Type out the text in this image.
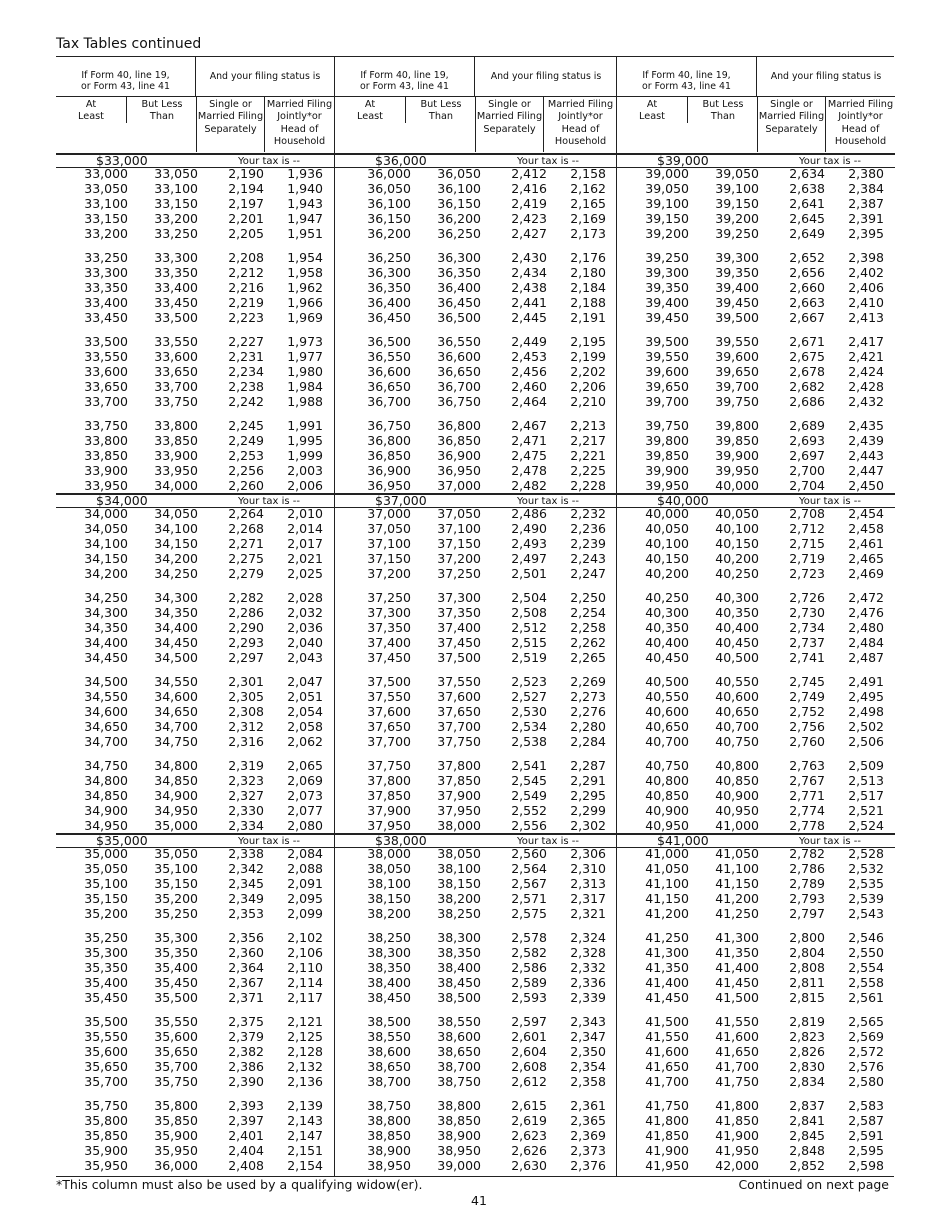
Tax Tables continued
If Form 40, line 19,
or Form 43, line 41
And your filing status is
At
Least
But Less
Than
Single or
Married Filing
Separately
Married Filing
Jointly*or
Head of
Household
$33,000	Your tax is --
33,000 33,050 2,190 1,936
33,050 33,100 2,194 1,940
33,100 33,150 2,197 1,943
33,150 33,200 2,201 1,947
33,200 33,250 2,205 1,951
33,250 33,300 2,208 1,954
33,300 33,350 2,212 1,958
33,350 33,400 2,216 1,962
33,400 33,450 2,219 1,966
33,450 33,500 2,223 1,969
33,500 33,550 2,227 1,973
33,550 33,600 2,231 1,977
33,600 33,650 2,234 1,980
33,650 33,700 2,238 1,984
33,700 33,750 2,242 1,988
33,750 33,800 2,245 1,991
33,800 33,850 2,249 1,995
33,850 33,900 2,253 1,999
33,900 33,950 2,256 2,003
33,950 34,000 2,260 2,006
$34,000	Your tax is --
34,000 34,050 2,264 2,010
34,050 34,100 2,268 2,014
34,100 34,150 2,271 2,017
34,150 34,200 2,275 2,021
34,200 34,250 2,279 2,025
34,250 34,300 2,282 2,028
34,300 34,350 2,286 2,032
34,350 34,400 2,290 2,036
34,400 34,450 2,293 2,040
34,450 34,500 2,297 2,043
34,500 34,550 2,301 2,047
34,550 34,600 2,305 2,051
34,600 34,650 2,308 2,054
34,650 34,700 2,312 2,058
34,700 34,750 2,316 2,062
34,750 34,800 2,319 2,065
34,800 34,850 2,323 2,069
34,850 34,900 2,327 2,073
34,900 34,950 2,330 2,077
34,950 35,000 2,334 2,080
$35,000	Your tax is --
35,000 35,050 2,338 2,084
35,050 35,100 2,342 2,088
35,100 35,150 2,345 2,091
35,150 35,200 2,349 2,095
35,200 35,250 2,353 2,099
35,250 35,300 2,356 2,102
35,300 35,350 2,360 2,106
35,350 35,400 2,364 2,110
35,400 35,450 2,367 2,114
35,450 35,500 2,371 2,117
35,500 35,550 2,375 2,121
35,550 35,600 2,379 2,125
35,600 35,650 2,382 2,128
35,650 35,700 2,386 2,132
35,700 35,750 2,390 2,136
35,750 35,800 2,393 2,139
35,800 35,850 2,397 2,143
35,850 35,900 2,401 2,147
35,900 35,950 2,404 2,151
35,950 36,000 2,408 2,154
If Form 40, line 19,
or Form 43, line 41
And your filing status is
At
Least
But Less
Than
Single or
Married Filing
Separately
Married Filing
Jointly*or
Head of
Household
$36,000	Your tax is --
36,000 36,050 2,412 2,158
36,050 36,100 2,416 2,162
36,100 36,150 2,419 2,165
36,150 36,200 2,423 2,169
36,200 36,250 2,427 2,173
36,250 36,300 2,430 2,176
36,300 36,350 2,434 2,180
36,350 36,400 2,438 2,184
36,400 36,450 2,441 2,188
36,450 36,500 2,445 2,191
36,500 36,550 2,449 2,195
36,550 36,600 2,453 2,199
36,600 36,650 2,456 2,202
36,650 36,700 2,460 2,206
36,700 36,750 2,464 2,210
36,750 36,800 2,467 2,213
36,800 36,850 2,471 2,217
36,850 36,900 2,475 2,221
36,900 36,950 2,478 2,225
36,950 37,000 2,482 2,228
$37,000	Your tax is --
37,000 37,050 2,486 2,232
37,050 37,100 2,490 2,236
37,100 37,150 2,493 2,239
37,150 37,200 2,497 2,243
37,200 37,250 2,501 2,247
37,250 37,300 2,504 2,250
37,300 37,350 2,508 2,254
37,350 37,400 2,512 2,258
37,400 37,450 2,515 2,262
37,450 37,500 2,519 2,265
37,500 37,550 2,523 2,269
37,550 37,600 2,527 2,273
37,600 37,650 2,530 2,276
37,650 37,700 2,534 2,280
37,700 37,750 2,538 2,284
37,750 37,800 2,541 2,287
37,800 37,850 2,545 2,291
37,850 37,900 2,549 2,295
37,900 37,950 2,552 2,299
37,950 38,000 2,556 2,302
$38,000	Your tax is --
38,000 38,050 2,560 2,306
38,050 38,100 2,564 2,310
38,100 38,150 2,567 2,313
38,150 38,200 2,571 2,317
38,200 38,250 2,575 2,321
38,250 38,300 2,578 2,324
38,300 38,350 2,582 2,328
38,350 38,400 2,586 2,332
38,400 38,450 2,589 2,336
38,450 38,500 2,593 2,339
38,500 38,550 2,597 2,343
38,550 38,600 2,601 2,347
38,600 38,650 2,604 2,350
38,650 38,700 2,608 2,354
38,700 38,750 2,612 2,358
38,750 38,800 2,615 2,361
38,800 38,850 2,619 2,365
38,850 38,900 2,623 2,369
38,900 38,950 2,626 2,373
38,950 39,000 2,630 2,376
If Form 40, line 19,
or Form 43, line 41
And your filing status is
At
Least
But Less
Than
Single or
Married Filing
Separately
Married Filing
Jointly*or
Head of
Household
$39,000	Your tax is --
39,000 39,050 2,634 2,380
39,050 39,100 2,638 2,384
39,100 39,150 2,641 2,387
39,150 39,200 2,645 2,391
39,200 39,250 2,649 2,395
39,250 39,300 2,652 2,398
39,300 39,350 2,656 2,402
39,350 39,400 2,660 2,406
39,400 39,450 2,663 2,410
39,450 39,500 2,667 2,413
39,500 39,550 2,671 2,417
39,550 39,600 2,675 2,421
39,600 39,650 2,678 2,424
39,650 39,700 2,682 2,428
39,700 39,750 2,686 2,432
39,750 39,800 2,689 2,435
39,800 39,850 2,693 2,439
39,850 39,900 2,697 2,443
39,900 39,950 2,700 2,447
39,950 40,000 2,704 2,450
$40,000	Your tax is --
40,000 40,050 2,708 2,454
40,050 40,100 2,712 2,458
40,100 40,150 2,715 2,461
40,150 40,200 2,719 2,465
40,200 40,250 2,723 2,469
40,250 40,300 2,726 2,472
40,300 40,350 2,730 2,476
40,350 40,400 2,734 2,480
40,400 40,450 2,737 2,484
40,450 40,500 2,741 2,487
40,500 40,550 2,745 2,491
40,550 40,600 2,749 2,495
40,600 40,650 2,752 2,498
40,650 40,700 2,756 2,502
40,700 40,750 2,760 2,506
40,750 40,800 2,763 2,509
40,800 40,850 2,767 2,513
40,850 40,900 2,771 2,517
40,900 40,950 2,774 2,521
40,950 41,000 2,778 2,524
$41,000	Your tax is --
41,000 41,050 2,782 2,528
41,050 41,100 2,786 2,532
41,100 41,150 2,789 2,535
41,150 41,200 2,793 2,539
41,200 41,250 2,797 2,543
41,250 41,300 2,800 2,546
41,300 41,350 2,804 2,550
41,350 41,400 2,808 2,554
41,400 41,450 2,811 2,558
41,450 41,500 2,815 2,561
41,500 41,550 2,819 2,565
41,550 41,600 2,823 2,569
41,600 41,650 2,826 2,572
41,650 41,700 2,830 2,576
41,700 41,750 2,834 2,580
41,750 41,800 2,837 2,583
41,800 41,850 2,841 2,587
41,850 41,900 2,845 2,591
41,900 41,950 2,848 2,595
41,950 42,000 2,852 2,598
*This column must also be used by a qualifying widow(er).	Continued on next page
41
